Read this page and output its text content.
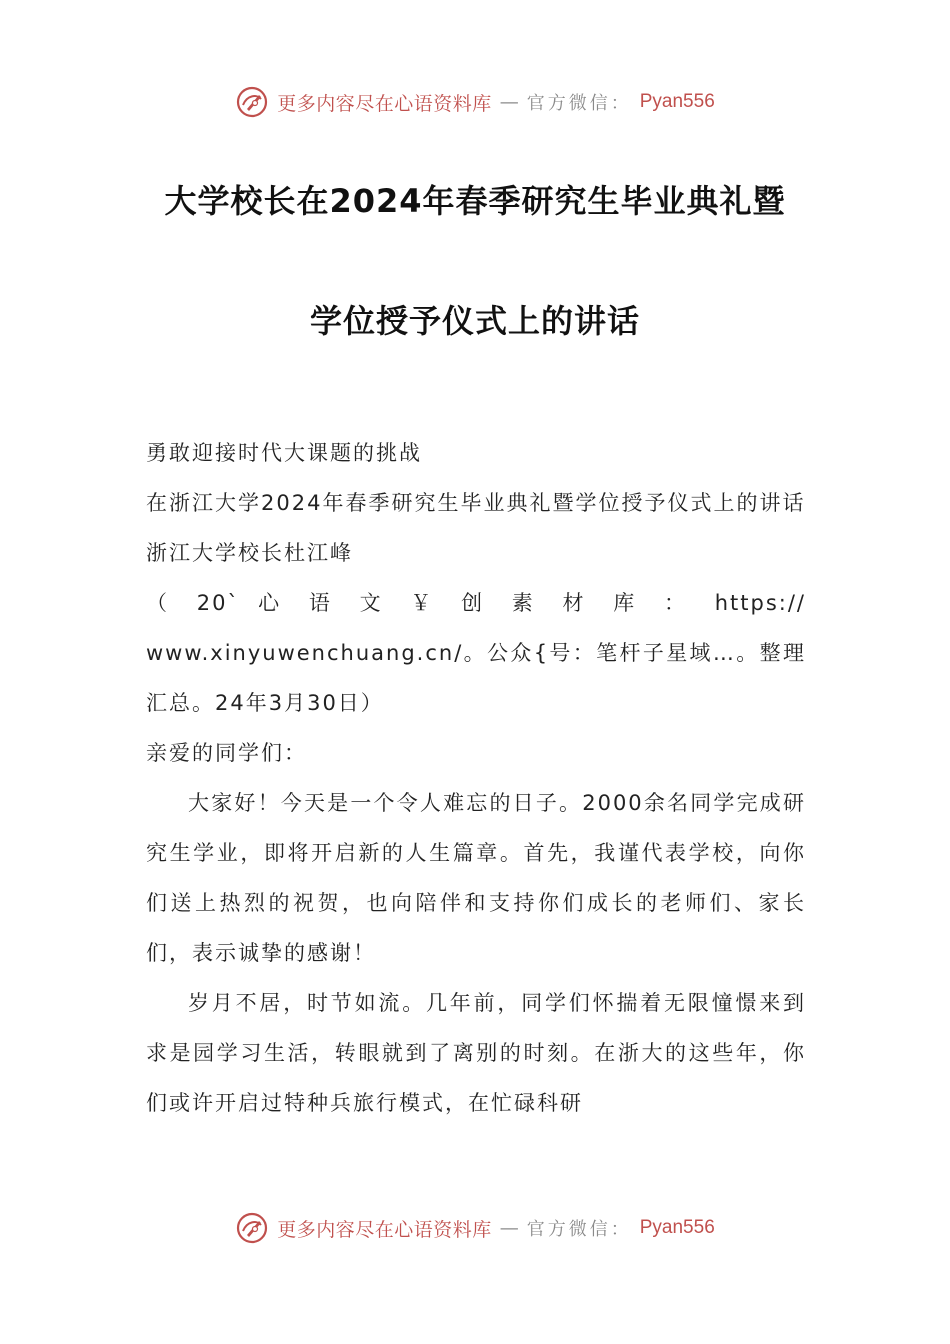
更多内容尽在心语资料库 — 官方微信： Pyan556
大学校长在2024年春季研究生毕业典礼暨
学位授予仪式上的讲话

勇敢迎接时代大课题的挑战

在浙江大学2024年春季研究生毕业典礼暨学位授予仪式上的讲话

浙江大学校长杜江峰

（ 20` 心 语 文 ￥ 创 素 材 库 ： https://

www.xinyuwenchuang.cn/。公众{号：笔杆子星域…。整理

汇总。24年3月30日）

亲爱的同学们：

大家好！今天是一个令人难忘的日子。2000余名同学完成研究生学业，即将开启新的人生篇章。首先，我谨代表学校，向你们送上热烈的祝贺，也向陪伴和支持你们成长的老师们、家长们，表示诚挚的感谢！

岁月不居，时节如流。几年前，同学们怀揣着无限憧憬来到求是园学习生活，转眼就到了离别的时刻。在浙大的这些年，你们或许开启过特种兵旅行模式，在忙碌科研

更多内容尽在心语资料库 — 官方微信： Pyan556
